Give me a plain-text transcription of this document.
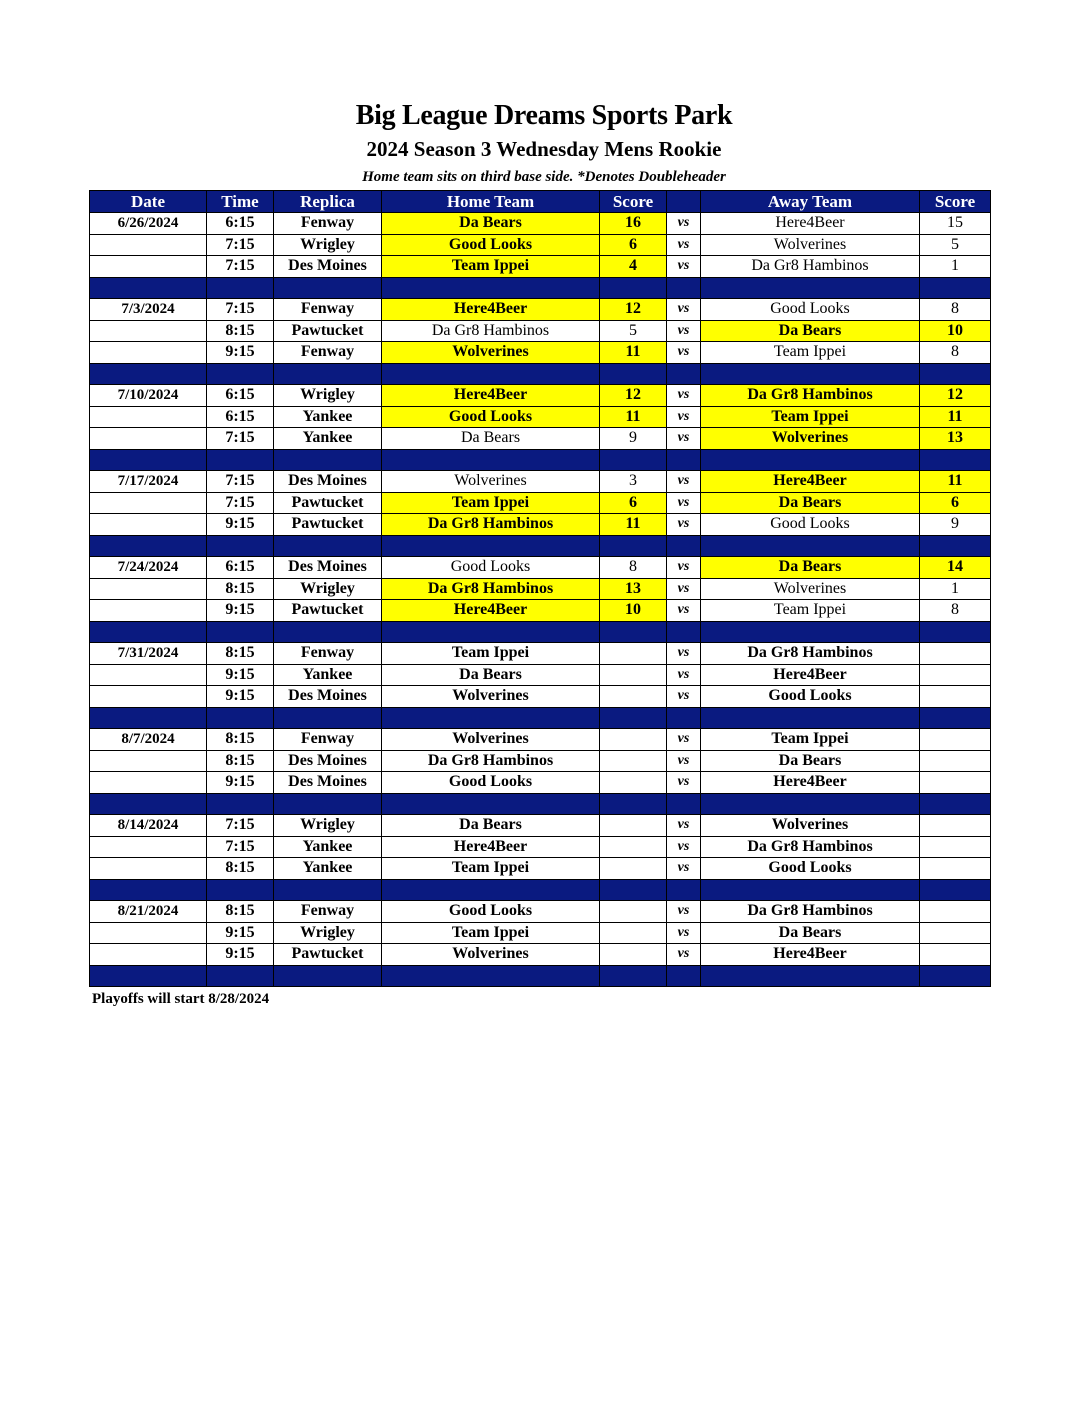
Big League Dreams Sports Park
2024 Season 3 Wednesday Mens Rookie
Home team sits on third base side. *Denotes Doubleheader
Date	Time	Replica	Home Team	Score		Away Team	Score
6/26/2024	6:15	Fenway	Da Bears	16	vs	Here4Beer	15
	7:15	Wrigley	Good Looks	6	vs	Wolverines	5
	7:15	Des Moines	Team Ippei	4	vs	Da Gr8 Hambinos	1

7/3/2024	7:15	Fenway	Here4Beer	12	vs	Good Looks	8
	8:15	Pawtucket	Da Gr8 Hambinos	5	vs	Da Bears	10
	9:15	Fenway	Wolverines	11	vs	Team Ippei	8

7/10/2024	6:15	Wrigley	Here4Beer	12	vs	Da Gr8 Hambinos	12
	6:15	Yankee	Good Looks	11	vs	Team Ippei	11
	7:15	Yankee	Da Bears	9	vs	Wolverines	13

7/17/2024	7:15	Des Moines	Wolverines	3	vs	Here4Beer	11
	7:15	Pawtucket	Team Ippei	6	vs	Da Bears	6
	9:15	Pawtucket	Da Gr8 Hambinos	11	vs	Good Looks	9

7/24/2024	6:15	Des Moines	Good Looks	8	vs	Da Bears	14
	8:15	Wrigley	Da Gr8 Hambinos	13	vs	Wolverines	1
	9:15	Pawtucket	Here4Beer	10	vs	Team Ippei	8

7/31/2024	8:15	Fenway	Team Ippei		vs	Da Gr8 Hambinos	
	9:15	Yankee	Da Bears		vs	Here4Beer	
	9:15	Des Moines	Wolverines		vs	Good Looks	

8/7/2024	8:15	Fenway	Wolverines		vs	Team Ippei	
	8:15	Des Moines	Da Gr8 Hambinos		vs	Da Bears	
	9:15	Des Moines	Good Looks		vs	Here4Beer	

8/14/2024	7:15	Wrigley	Da Bears		vs	Wolverines	
	7:15	Yankee	Here4Beer		vs	Da Gr8 Hambinos	
	8:15	Yankee	Team Ippei		vs	Good Looks	

8/21/2024	8:15	Fenway	Good Looks		vs	Da Gr8 Hambinos	
	9:15	Wrigley	Team Ippei		vs	Da Bears	
	9:15	Pawtucket	Wolverines		vs	Here4Beer	

Playoffs will start 8/28/2024
